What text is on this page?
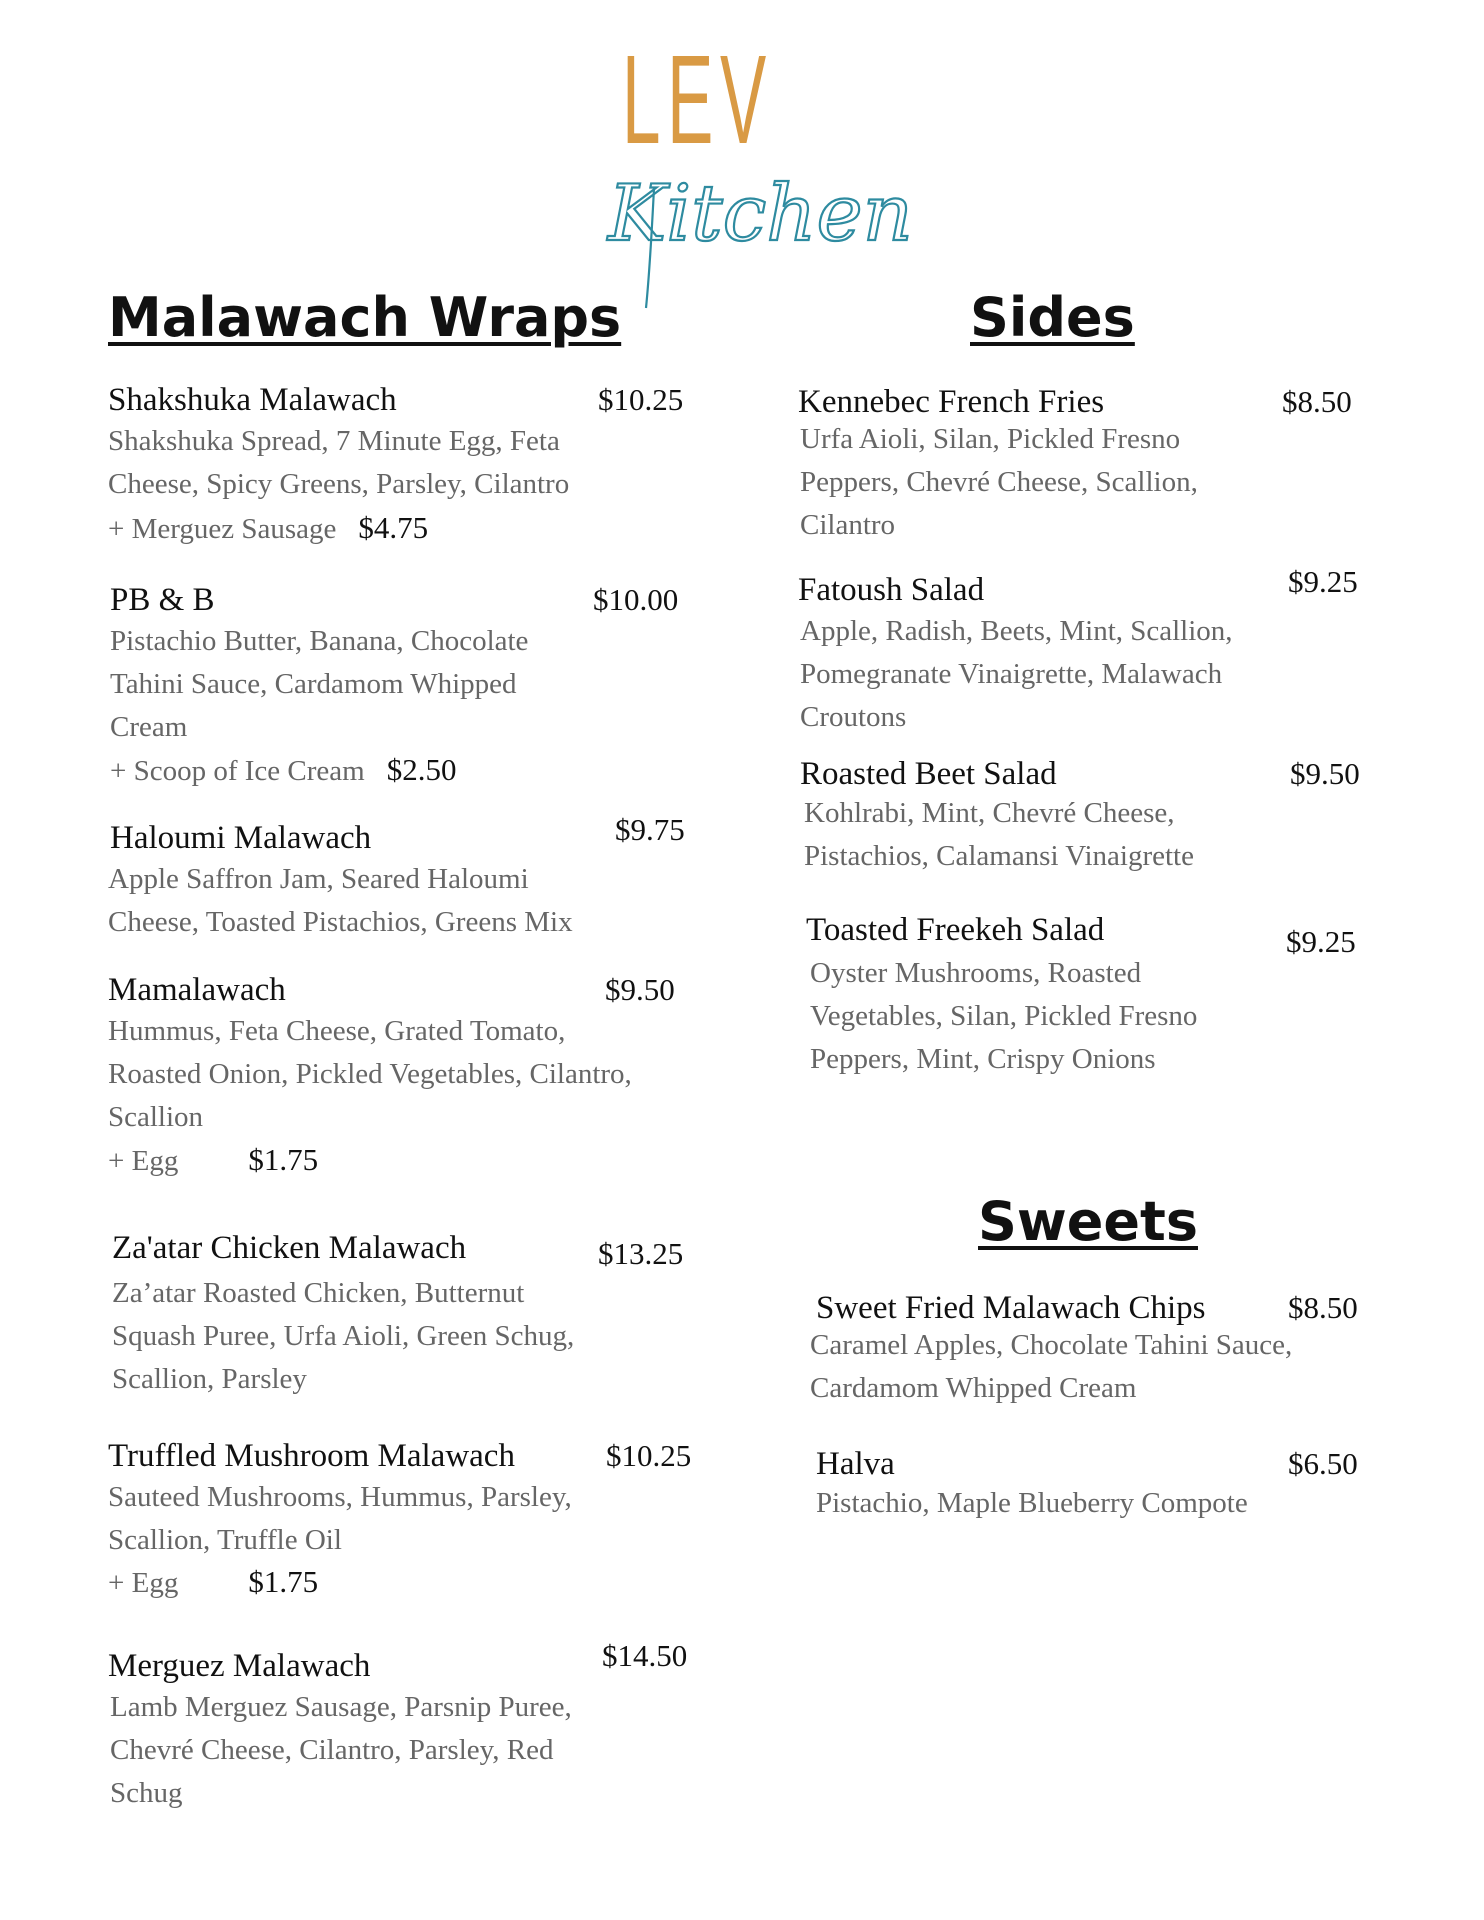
LEV
Kitchen
Malawach Wraps
Shakshuka Malawach	$10.25
Shakshuka Spread, 7 Minute Egg, Feta
Cheese, Spicy Greens, Parsley, Cilantro
+ Merguez Sausage $4.75
PB & B	$10.00
Pistachio Butter, Banana, Chocolate
Tahini Sauce, Cardamom Whipped
Cream
+ Scoop of Ice Cream $2.50
Haloumi Malawach	$9.75
Apple Saffron Jam, Seared Haloumi
Cheese, Toasted Pistachios, Greens Mix
Mamalawach	$9.50
Hummus, Feta Cheese, Grated Tomato,
Roasted Onion, Pickled Vegetables, Cilantro,
Scallion
+ Egg $1.75
Za'atar Chicken Malawach	$13.25
Za’atar Roasted Chicken, Butternut
Squash Puree, Urfa Aioli, Green Schug,
Scallion, Parsley
Truffled Mushroom Malawach	$10.25
Sauteed Mushrooms, Hummus, Parsley,
Scallion, Truffle Oil
+ Egg $1.75
Merguez Malawach	$14.50
Lamb Merguez Sausage, Parsnip Puree,
Chevré Cheese, Cilantro, Parsley, Red
Schug
Sides
Kennebec French Fries	$8.50
Urfa Aioli, Silan, Pickled Fresno
Peppers, Chevré Cheese, Scallion,
Cilantro
Fatoush Salad	$9.25
Apple, Radish, Beets, Mint, Scallion,
Pomegranate Vinaigrette, Malawach
Croutons
Roasted Beet Salad	$9.50
Kohlrabi, Mint, Chevré Cheese,
Pistachios, Calamansi Vinaigrette
Toasted Freekeh Salad	$9.25
Oyster Mushrooms, Roasted
Vegetables, Silan, Pickled Fresno
Peppers, Mint, Crispy Onions
Sweets
Sweet Fried Malawach Chips	$8.50
Caramel Apples, Chocolate Tahini Sauce,
Cardamom Whipped Cream
Halva	$6.50
Pistachio, Maple Blueberry Compote
